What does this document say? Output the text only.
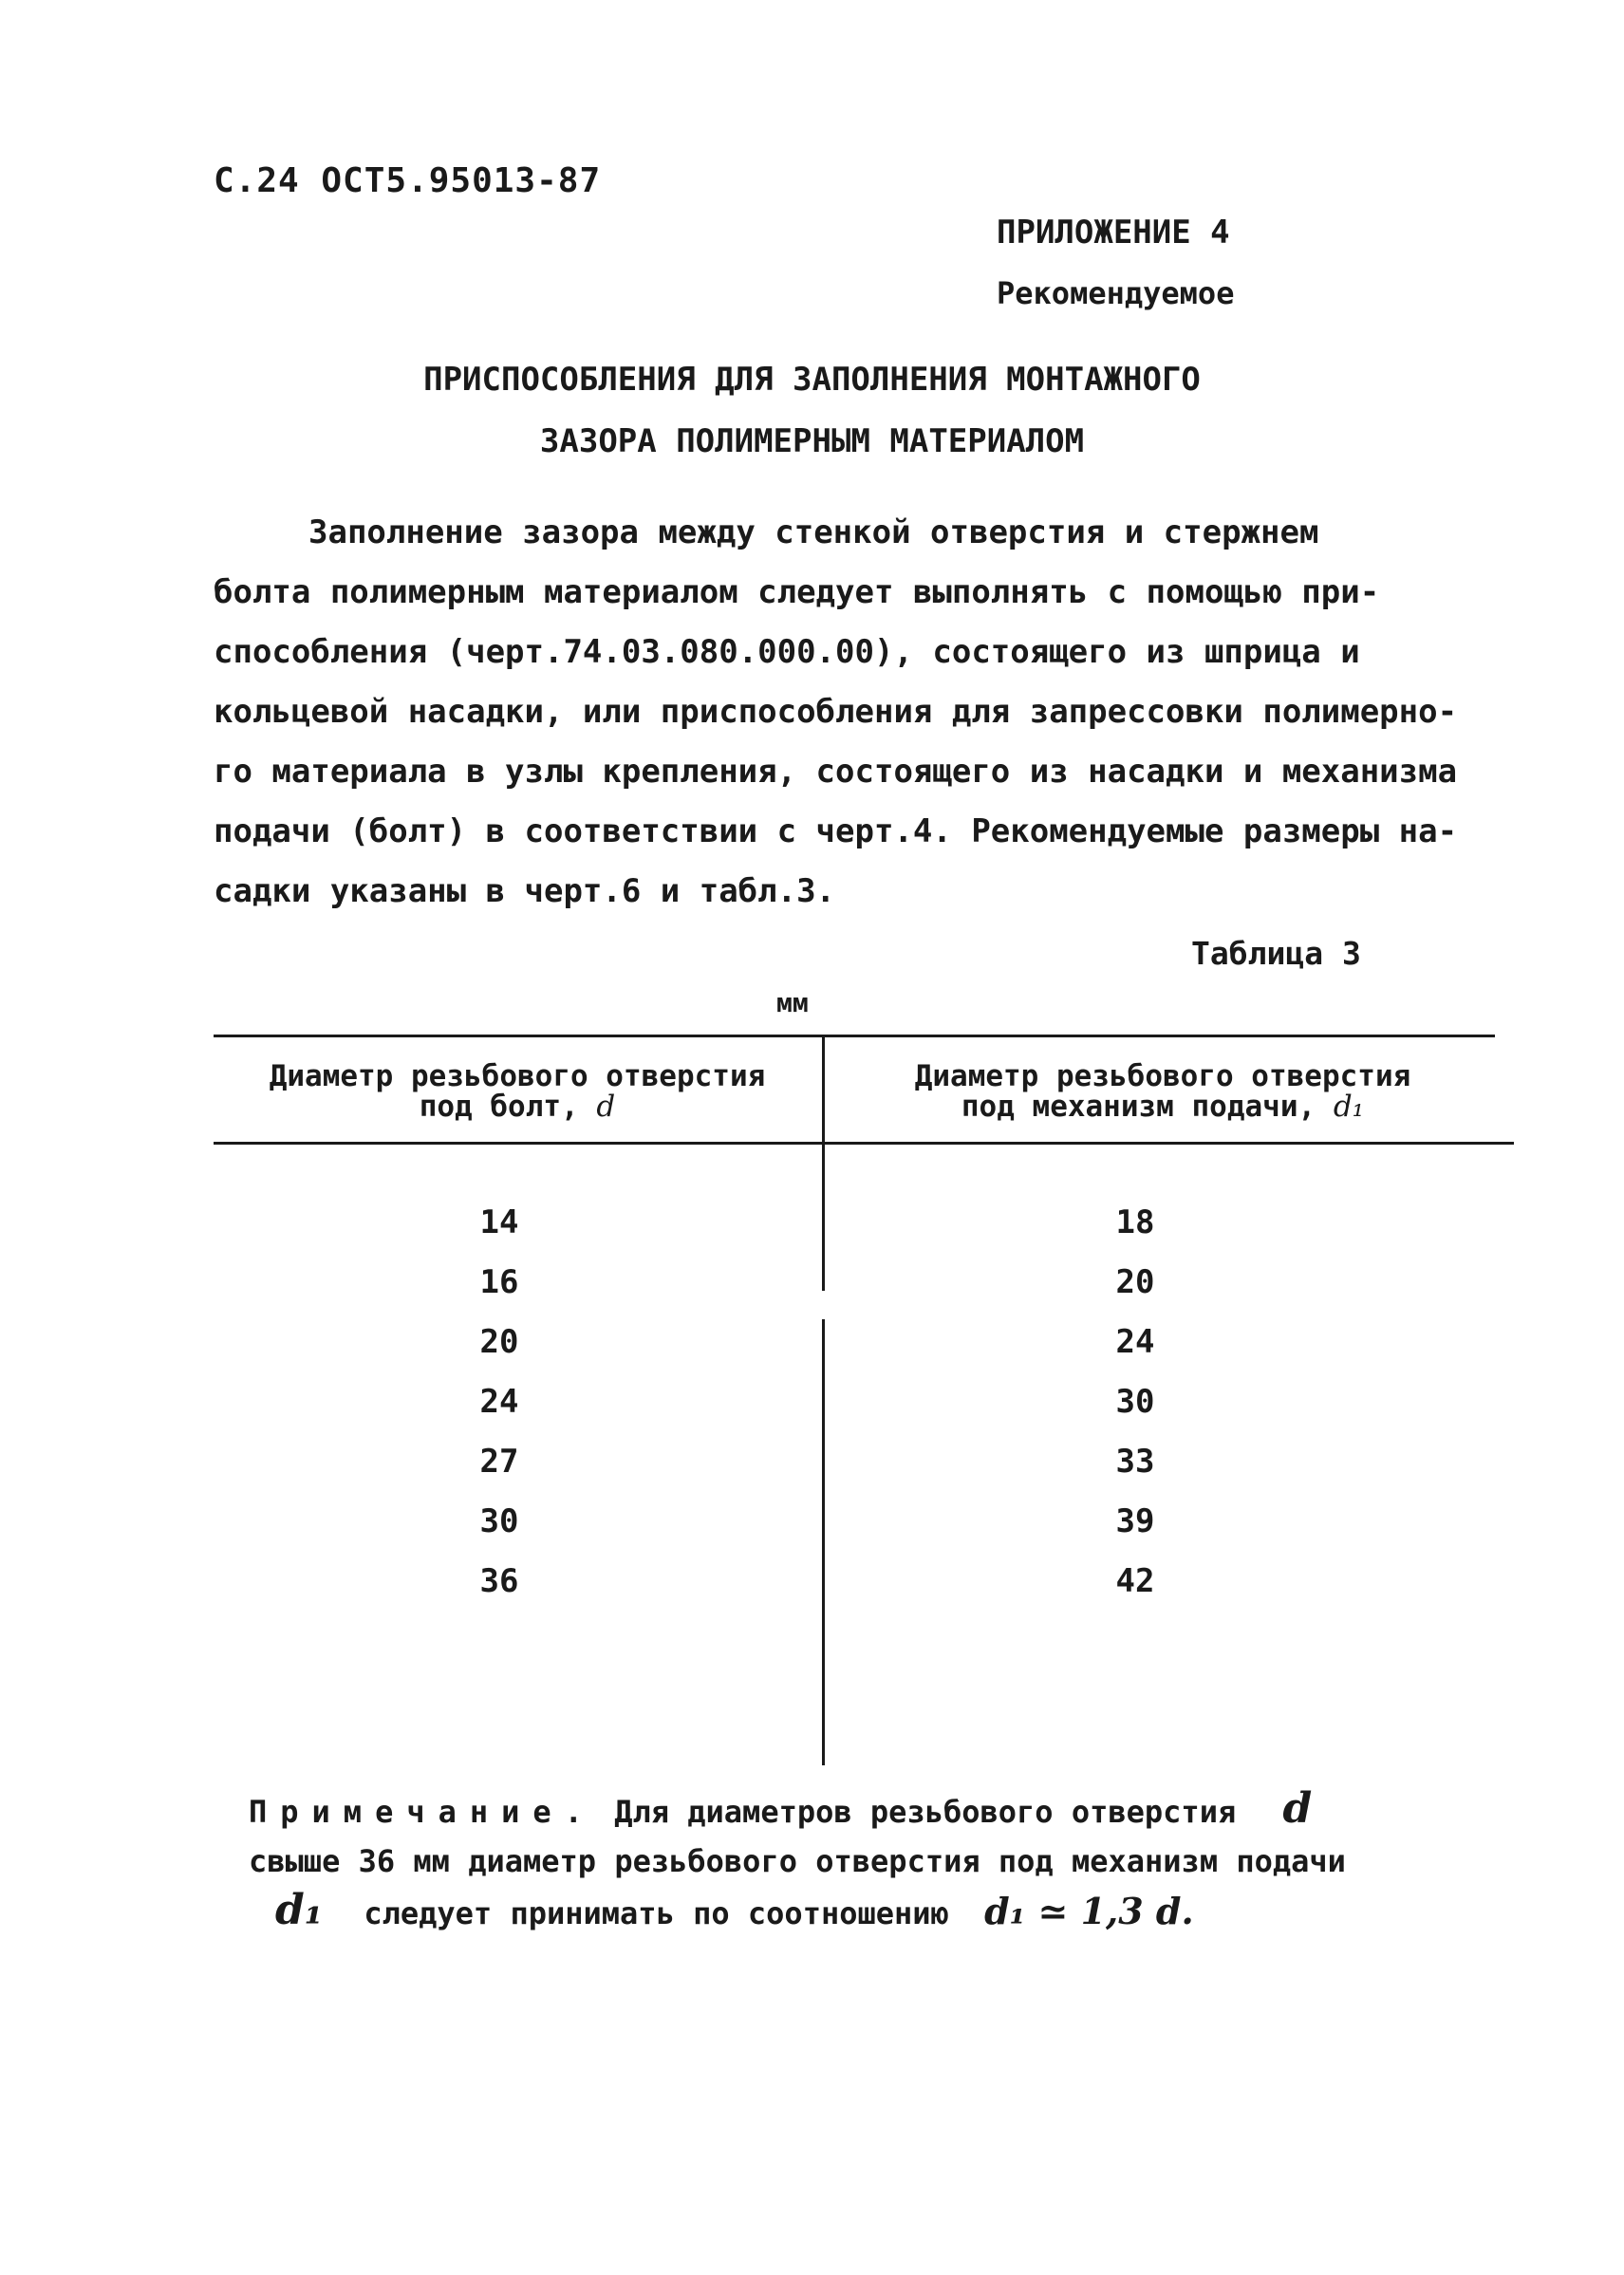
С.24 ОСТ5.95013-87
ПРИЛОЖЕНИЕ 4
Рекомендуемое
ПРИСПОСОБЛЕНИЯ ДЛЯ ЗАПОЛНЕНИЯ МОНТАЖНОГО
ЗАЗОРА ПОЛИМЕРНЫМ МАТЕРИАЛОМ
Заполнение зазора между стенкой отверстия и стержнем
болта полимерным материалом следует выполнять с помощью при-
способления (черт.74.03.080.000.00), состоящего из шприца и
кольцевой насадки, или приспособления для запрессовки полимерно-
го материала в узлы крепления, состоящего из насадки и механизма
подачи (болт) в соответствии с черт.4. Рекомендуемые размеры на-
садки указаны в черт.6 и табл.3.
Таблица 3
мм
Диаметр резьбового отверстия
под болт, d
Диаметр резьбового отверстия
под механизм подачи, d₁
14	18
16	20
20	24
24	30
27	33
30	39
36	42
Примечание. Для диаметров резьбового отверстия d
свыше 36 мм диаметр резьбового отверстия под механизм подачи
d₁ следует принимать по соотношению d₁ ≃ 1,3 d.
